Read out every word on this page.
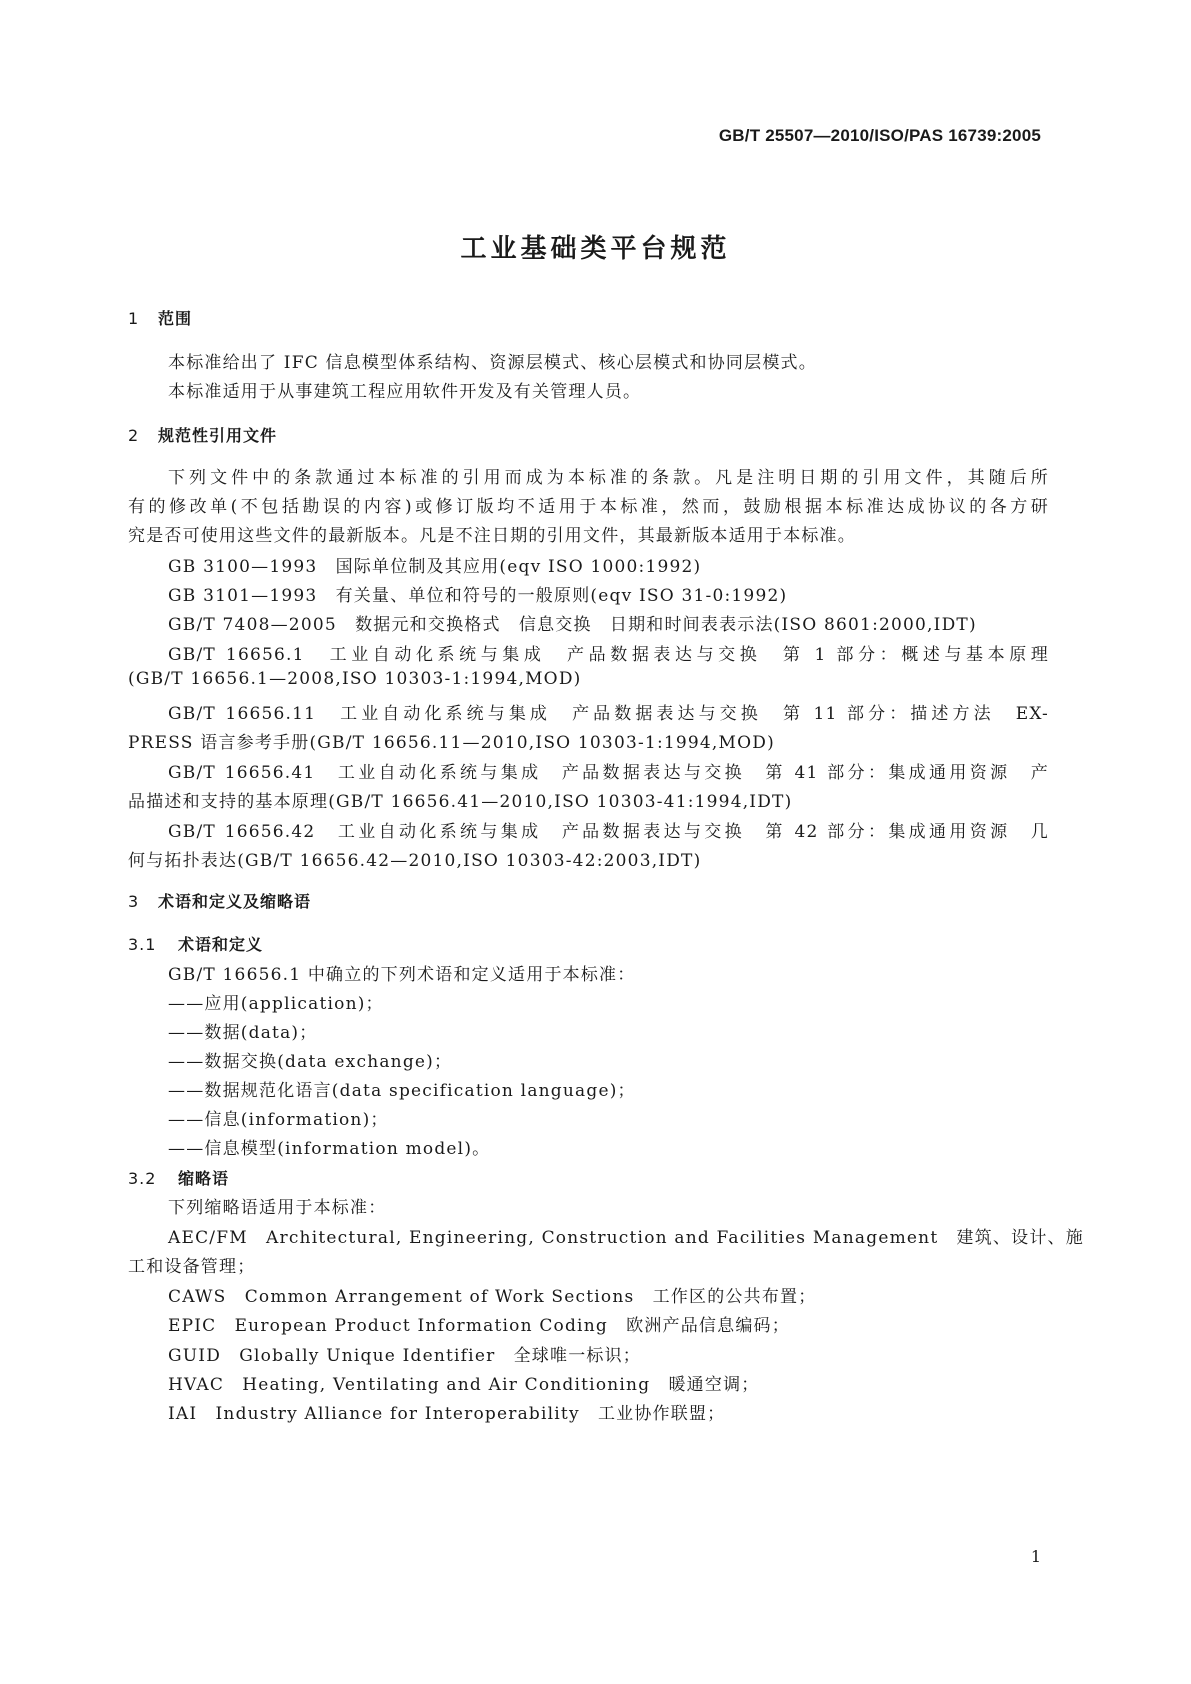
GB/T 25507—2010/ISO/PAS 16739:2005
工业基础类平台规范
1 范围
本标准给出了 IFC 信息模型体系结构、资源层模式、核心层模式和协同层模式。
本标准适用于从事建筑工程应用软件开发及有关管理人员。
2 规范性引用文件
下列文件中的条款通过本标准的引用而成为本标准的条款。凡是注明日期的引用文件，其随后所
有的修改单(不包括勘误的内容)或修订版均不适用于本标准，然而，鼓励根据本标准达成协议的各方研
究是否可使用这些文件的最新版本。凡是不注日期的引用文件，其最新版本适用于本标准。
GB 3100—1993　国际单位制及其应用(eqv ISO 1000:1992)
GB 3101—1993　有关量、单位和符号的一般原则(eqv ISO 31-0:1992)
GB/T 7408—2005　数据元和交换格式　信息交换　日期和时间表表示法(ISO 8601:2000,IDT)
GB/T 16656.1　工业自动化系统与集成　产品数据表达与交换　第 1 部分：概述与基本原理
(GB/T 16656.1—2008,ISO 10303-1:1994,MOD)
GB/T 16656.11　工业自动化系统与集成　产品数据表达与交换　第 11 部分：描述方法　EX-
PRESS 语言参考手册(GB/T 16656.11—2010,ISO 10303-1:1994,MOD)
GB/T 16656.41　工业自动化系统与集成　产品数据表达与交换　第 41 部分：集成通用资源　产
品描述和支持的基本原理(GB/T 16656.41—2010,ISO 10303-41:1994,IDT)
GB/T 16656.42　工业自动化系统与集成　产品数据表达与交换　第 42 部分：集成通用资源　几
何与拓扑表达(GB/T 16656.42—2010,ISO 10303-42:2003,IDT)
3 术语和定义及缩略语
3.1 术语和定义
GB/T 16656.1 中确立的下列术语和定义适用于本标准：
——应用(application)；
——数据(data)；
——数据交换(data exchange)；
——数据规范化语言(data specification language)；
——信息(information)；
——信息模型(information model)。
3.2 缩略语
下列缩略语适用于本标准：
AEC/FM　Architectural, Engineering, Construction and Facilities Management　建筑、设计、施
工和设备管理；
CAWS　Common Arrangement of Work Sections　工作区的公共布置；
EPIC　European Product Information Coding　欧洲产品信息编码；
GUID　Globally Unique Identifier　全球唯一标识；
HVAC　Heating, Ventilating and Air Conditioning　暖通空调；
IAI　Industry Alliance for Interoperability　工业协作联盟；
1
